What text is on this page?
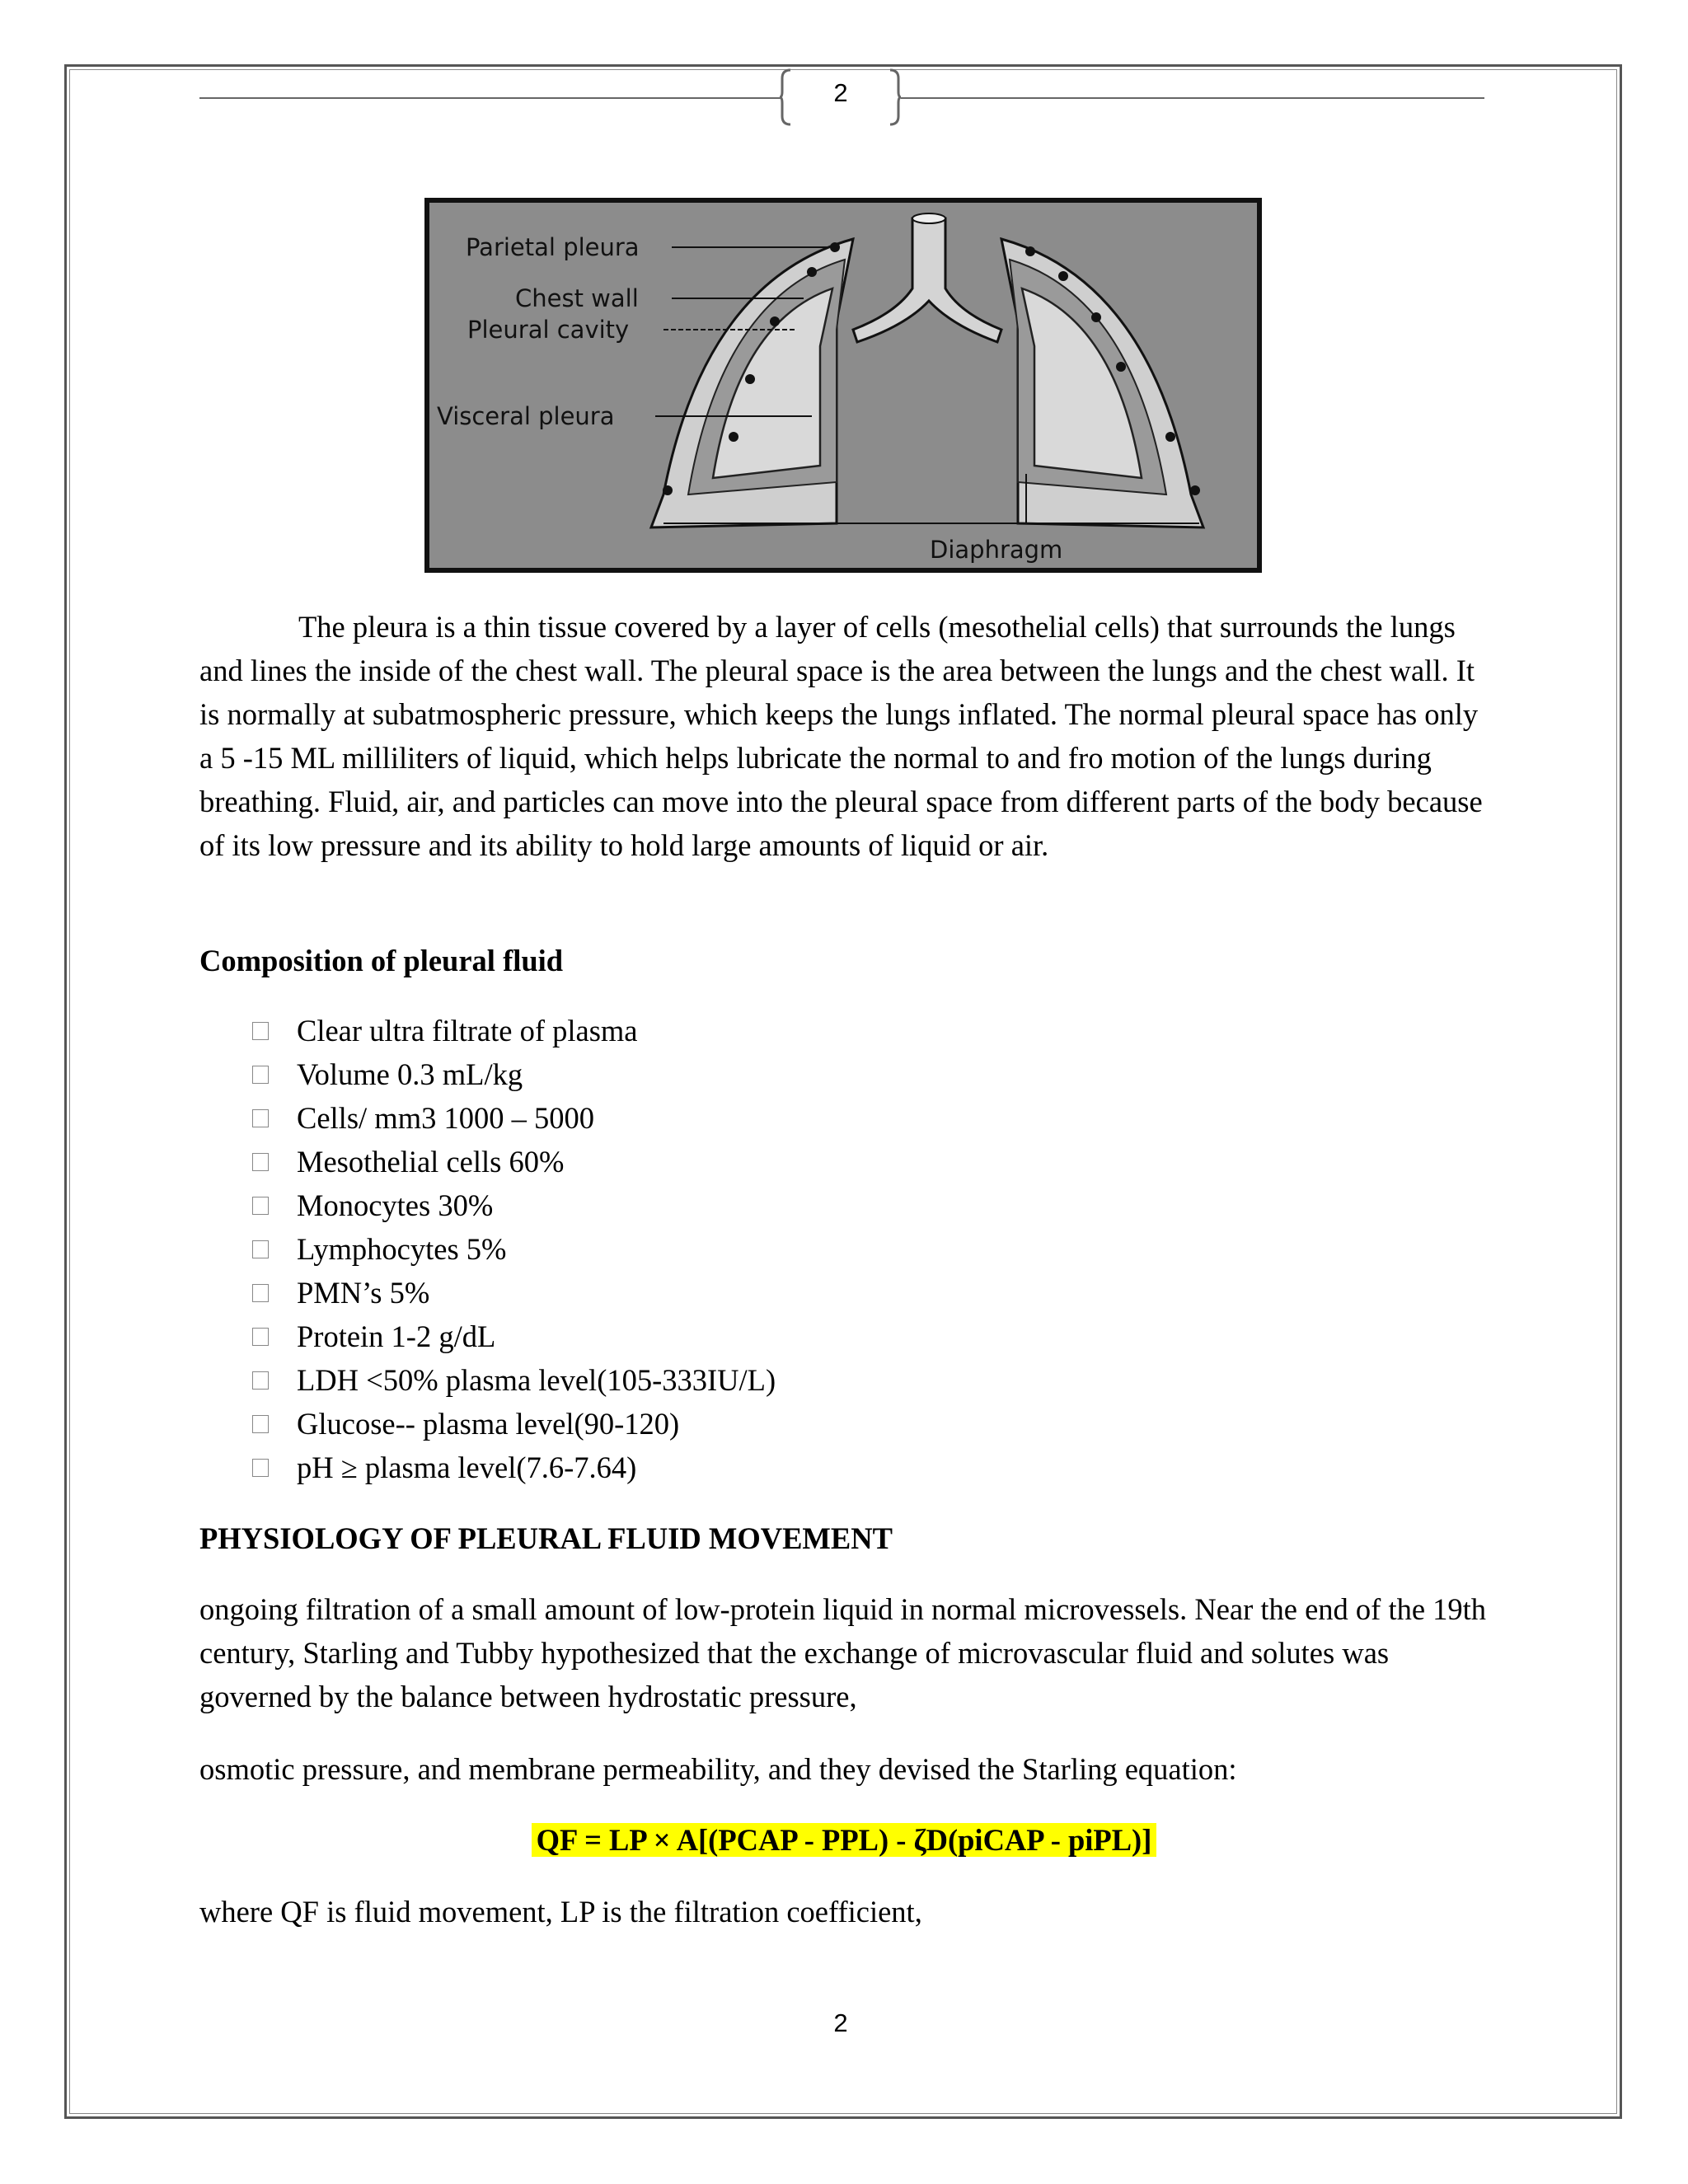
2
Parietal pleura
Chest wall
Pleural cavity
Visceral pleura
Diaphragm

The pleura is a thin tissue covered by a layer of cells (mesothelial cells) that surrounds the lungs and lines the inside of the chest wall. The pleural space is the area between the lungs and the chest wall. It is normally at subatmospheric pressure, which keeps the lungs inflated. The normal pleural space has only a 5 -15 ML milliliters of liquid, which helps lubricate the normal to and fro motion of the lungs during breathing. Fluid, air, and particles can move into the pleural space from different parts of the body because of its low pressure and its ability to hold large amounts of liquid or air.

Composition of pleural fluid

Clear ultra filtrate of plasma
Volume 0.3 mL/kg
Cells/ mm3 1000 – 5000
Mesothelial cells 60%
Monocytes 30%
Lymphocytes 5%
PMN’s 5%
Protein 1-2 g/dL
LDH <50% plasma level(105-333IU/L)
Glucose-- plasma level(90-120)
pH ≥ plasma level(7.6-7.64)

PHYSIOLOGY OF PLEURAL FLUID MOVEMENT

ongoing filtration of a small amount of low-protein liquid in normal microvessels. Near the end of the 19th century, Starling and Tubby hypothesized that the exchange of microvascular fluid and solutes was governed by the balance between hydrostatic pressure,

osmotic pressure, and membrane permeability, and they devised the Starling equation:

QF = LP × A[(PCAP - PPL) - ζD(piCAP - piPL)]

where QF is fluid movement, LP is the filtration coefficient,

2
